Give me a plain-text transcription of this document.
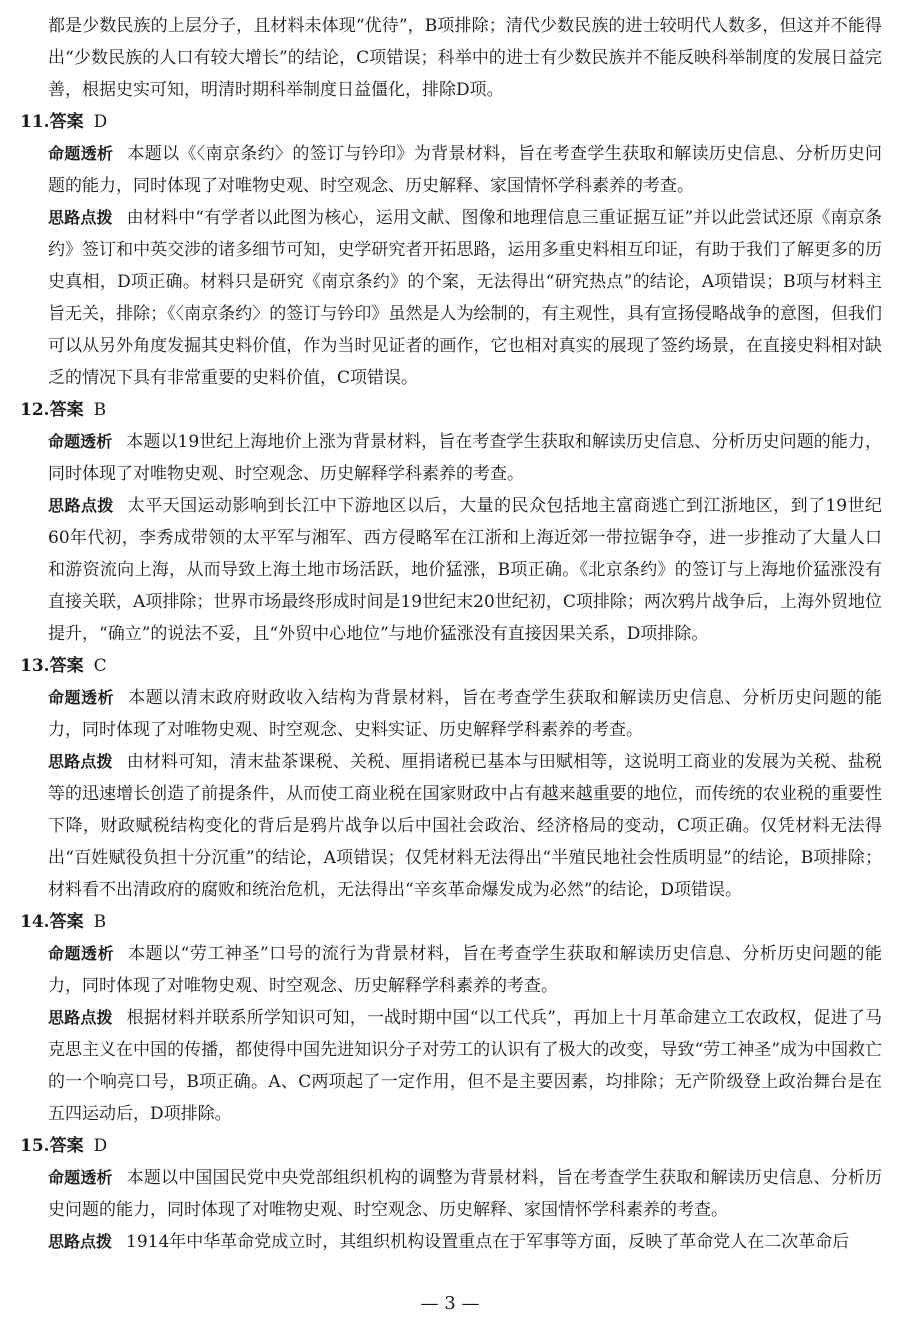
都是少数民族的上层分子，且材料未体现“优待”，B项排除；清代少数民族的进士较明代人数多，但这并不能得出“少数民族的人口有较大增长”的结论，C项错误；科举中的进士有少数民族并不能反映科举制度的发展日益完善，根据史实可知，明清时期科举制度日益僵化，排除D项。

11.答案 D

命题透析 本题以《〈南京条约〉的签订与钤印》为背景材料，旨在考查学生获取和解读历史信息、分析历史问题的能力，同时体现了对唯物史观、时空观念、历史解释、家国情怀学科素养的考查。

思路点拨 由材料中“有学者以此图为核心，运用文献、图像和地理信息三重证据互证”并以此尝试还原《南京条约》签订和中英交涉的诸多细节可知，史学研究者开拓思路，运用多重史料相互印证，有助于我们了解更多的历史真相，D项正确。材料只是研究《南京条约》的个案，无法得出“研究热点”的结论，A项错误；B项与材料主旨无关，排除；《〈南京条约〉的签订与钤印》虽然是人为绘制的，有主观性，具有宣扬侵略战争的意图，但我们可以从另外角度发掘其史料价值，作为当时见证者的画作，它也相对真实的展现了签约场景，在直接史料相对缺乏的情况下具有非常重要的史料价值，C项错误。

12.答案 B

命题透析 本题以19世纪上海地价上涨为背景材料，旨在考查学生获取和解读历史信息、分析历史问题的能力，同时体现了对唯物史观、时空观念、历史解释学科素养的考查。

思路点拨 太平天国运动影响到长江中下游地区以后，大量的民众包括地主富商逃亡到江浙地区，到了19世纪60年代初，李秀成带领的太平军与湘军、西方侵略军在江浙和上海近郊一带拉锯争夺，进一步推动了大量人口和游资流向上海，从而导致上海土地市场活跃，地价猛涨，B项正确。《北京条约》的签订与上海地价猛涨没有直接关联，A项排除；世界市场最终形成时间是19世纪末20世纪初，C项排除；两次鸦片战争后，上海外贸地位提升，“确立”的说法不妥，且“外贸中心地位”与地价猛涨没有直接因果关系，D项排除。

13.答案 C

命题透析 本题以清末政府财政收入结构为背景材料，旨在考查学生获取和解读历史信息、分析历史问题的能力，同时体现了对唯物史观、时空观念、史料实证、历史解释学科素养的考查。

思路点拨 由材料可知，清末盐茶课税、关税、厘捐诸税已基本与田赋相等，这说明工商业的发展为关税、盐税等的迅速增长创造了前提条件，从而使工商业税在国家财政中占有越来越重要的地位，而传统的农业税的重要性下降，财政赋税结构变化的背后是鸦片战争以后中国社会政治、经济格局的变动，C项正确。仅凭材料无法得出“百姓赋役负担十分沉重”的结论，A项错误；仅凭材料无法得出“半殖民地社会性质明显”的结论，B项排除；材料看不出清政府的腐败和统治危机，无法得出“辛亥革命爆发成为必然”的结论，D项错误。

14.答案 B

命题透析 本题以“劳工神圣”口号的流行为背景材料，旨在考查学生获取和解读历史信息、分析历史问题的能力，同时体现了对唯物史观、时空观念、历史解释学科素养的考查。

思路点拨 根据材料并联系所学知识可知，一战时期中国“以工代兵”，再加上十月革命建立工农政权，促进了马克思主义在中国的传播，都使得中国先进知识分子对劳工的认识有了极大的改变，导致“劳工神圣”成为中国救亡的一个响亮口号，B项正确。A、C两项起了一定作用，但不是主要因素，均排除；无产阶级登上政治舞台是在五四运动后，D项排除。

15.答案 D

命题透析 本题以中国国民党中央党部组织机构的调整为背景材料，旨在考查学生获取和解读历史信息、分析历史问题的能力，同时体现了对唯物史观、时空观念、历史解释、家国情怀学科素养的考查。

思路点拨 1914年中华革命党成立时，其组织机构设置重点在于军事等方面，反映了革命党人在二次革命后

— 3 —
